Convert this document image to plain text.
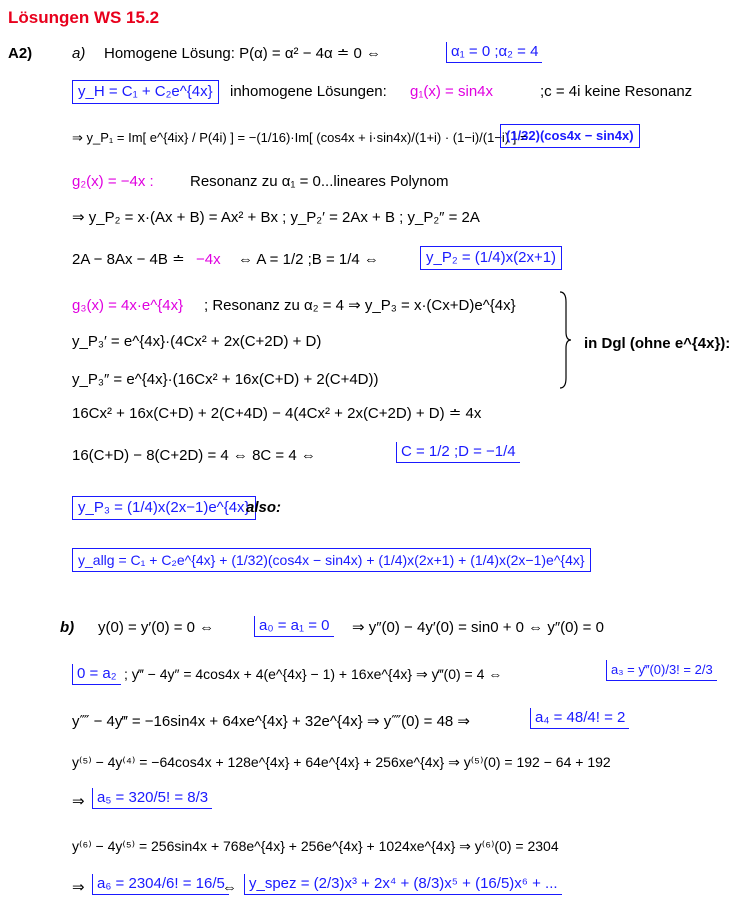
Lösungen WS 15.2
A2)	a) Homogene Lösung: P(α) = α² − 4α ≐ 0 ⇔	α₁ = 0 ;α₂ = 4
y_H = C₁ + C₂e^{4x}	inhomogene Lösungen: g₁(x) = sin4x	;c = 4i keine Resonanz
⇒ y_P₁ = Im[ e^{4ix} / P(4i) ] = −(1/16)·Im[ (cos4x + i·sin4x)/(1+i) · (1−i)/(1−i) ] =
(1/32)(cos4x − sin4x)
g₂(x) = −4x : Resonanz zu α₁ = 0...lineares Polynom
⇒ y_P₂ = x·(Ax + B) = Ax² + Bx ; y_P₂′ = 2Ax + B ; y_P₂″ = 2A
2A − 8Ax − 4B ≐ −4x ⇔ A = 1/2 ;B = 1/4 ⇔	y_P₂ = (1/4)x(2x+1)
g₃(x) = 4x·e^{4x} ; Resonanz zu α₂ = 4 ⇒ y_P₃ = x·(Cx+D)e^{4x}
y_P₃′ = e^{4x}·(4Cx² + 2x(C+2D) + D)	in Dgl (ohne e^{4x}):
y_P₃″ = e^{4x}·(16Cx² + 16x(C+D) + 2(C+4D))
16Cx² + 16x(C+D) + 2(C+4D) − 4(4Cx² + 2x(C+2D) + D) ≐ 4x
16(C+D) − 8(C+2D) = 4 ⇔ 8C = 4 ⇔	C = 1/2 ;D = −1/4
y_P₃ = (1/4)x(2x−1)e^{4x}
also:
y_allg = C₁ + C₂e^{4x} + (1/32)(cos4x − sin4x) + (1/4)x(2x+1) + (1/4)x(2x−1)e^{4x}
b) y(0) = y′(0) = 0 ⇔	a₀ = a₁ = 0 ⇒ y″(0) − 4y′(0) = sin0 + 0 ⇔ y″(0) = 0
0 = a₂ ; y‴ − 4y″ = 4cos4x + 4(e^{4x} − 1) + 16xe^{4x} ⇒ y‴(0) = 4 ⇔	a₃ = y‴(0)/3! = 2/3
y⁗ − 4y‴ = −16sin4x + 64xe^{4x} + 32e^{4x} ⇒ y⁗(0) = 48 ⇒	a₄ = 48/4! = 2
y⁽⁵⁾ − 4y⁽⁴⁾ = −64cos4x + 128e^{4x} + 64e^{4x} + 256xe^{4x} ⇒ y⁽⁵⁾(0) = 192 − 64 + 192
⇒ a₅ = 320/5! = 8/3
y⁽⁶⁾ − 4y⁽⁵⁾ = 256sin4x + 768e^{4x} + 256e^{4x} + 1024xe^{4x} ⇒ y⁽⁶⁾(0) = 2304
⇒ a₆ = 2304/6! = 16/5
⇔ y_spez = (2/3)x³ + 2x⁴ + (8/3)x⁵ + (16/5)x⁶ + ...
